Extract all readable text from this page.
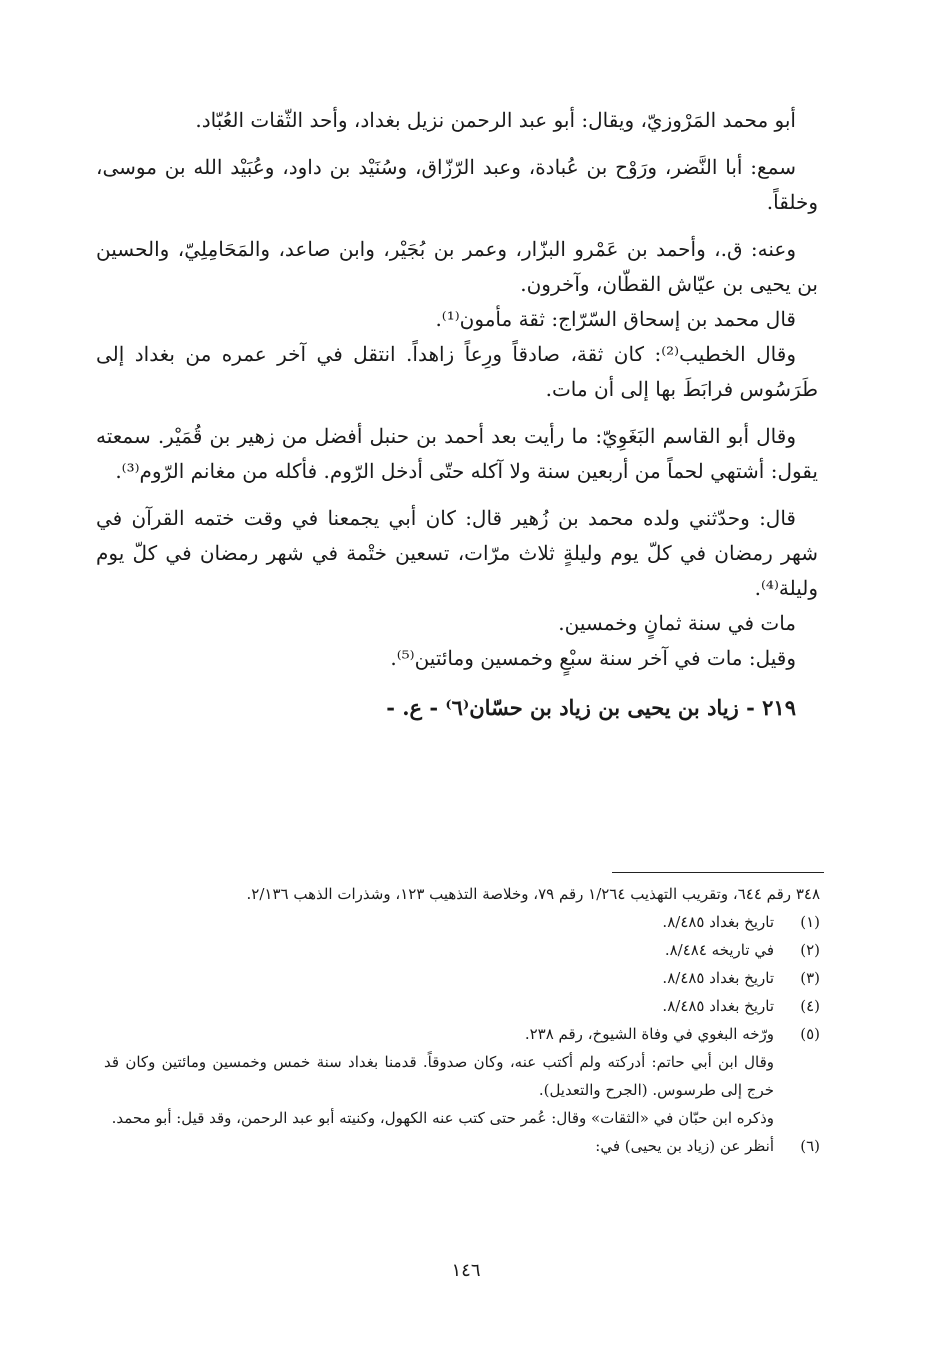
أبو محمد المَرْوزيّ، ويقال: أبو عبد الرحمن نزيل بغداد، وأحد الثّقات العُبّاد.

سمع: أبا النَّضر، ورَوْح بن عُبادة، وعبد الرّزّاق، وسُنَيْد بن داود، وعُبَيْد الله بن موسى، وخلقاً.

وعنه: ق.، وأحمد بن عَمْرو البزّار، وعمر بن بُجَيْر، وابن صاعد، والمَحَامِلِيّ، والحسين بن يحيى بن عيّاش القطّان، وآخرون.

قال محمد بن إسحاق السّرّاج: ثقة مأمون⁽¹⁾.

وقال الخطيب⁽²⁾: كان ثقة، صادقاً ورِعاً زاهداً. انتقل في آخر عمره من بغداد إلى طَرَسُوس فرابَطَ بها إلى أن مات.

وقال أبو القاسم البَغَوِيّ: ما رأيت بعد أحمد بن حنبل أفضل من زهير بن قُمَيْر. سمعته يقول: أشتهي لحماً من أربعين سنة ولا آكله حتّى أدخل الرّوم. فأكله من مغانم الرّوم⁽³⁾.

قال: وحدّثني ولده محمد بن زُهير قال: كان أبي يجمعنا في وقت ختمه القرآن في شهر رمضان في كلّ يوم وليلةٍ ثلاث مرّات، تسعين ختْمة في شهر رمضان في كلّ يوم وليلة⁽⁴⁾.

مات في سنة ثمانٍ وخمسين.

وقيل: مات في آخر سنة سبْعٍ وخمسين ومائتين⁽⁵⁾.

٢١٩ - زياد بن يحيى بن زياد بن حسّان⁽٦⁾ - ع. -

٣٤٨ رقم ٦٤٤، وتقريب التهذيب ١/٢٦٤ رقم ٧٩، وخلاصة التذهيب ١٢٣، وشذرات الذهب ٢/١٣٦.

(١)
تاريخ بغداد ٨/٤٨٥.
(٢)
في تاريخه ٨/٤٨٤.
(٣)
تاريخ بغداد ٨/٤٨٥.
(٤)
تاريخ بغداد ٨/٤٨٥.
(٥)
ورّخه البغوي في وفاة الشيوخ، رقم ٢٣٨.

وقال ابن أبي حاتم: أدركته ولم أكتب عنه، وكان صدوقاً. قدمنا بغداد سنة خمس وخمسين ومائتين وكان قد خرج إلى طرسوس. (الجرح والتعديل).

وذكره ابن حبّان في «الثقات» وقال: عُمر حتى كتب عنه الكهول، وكنيته أبو عبد الرحمن، وقد قيل: أبو محمد.

(٦)
أنظر عن (زياد بن يحيى) في:
١٤٦
